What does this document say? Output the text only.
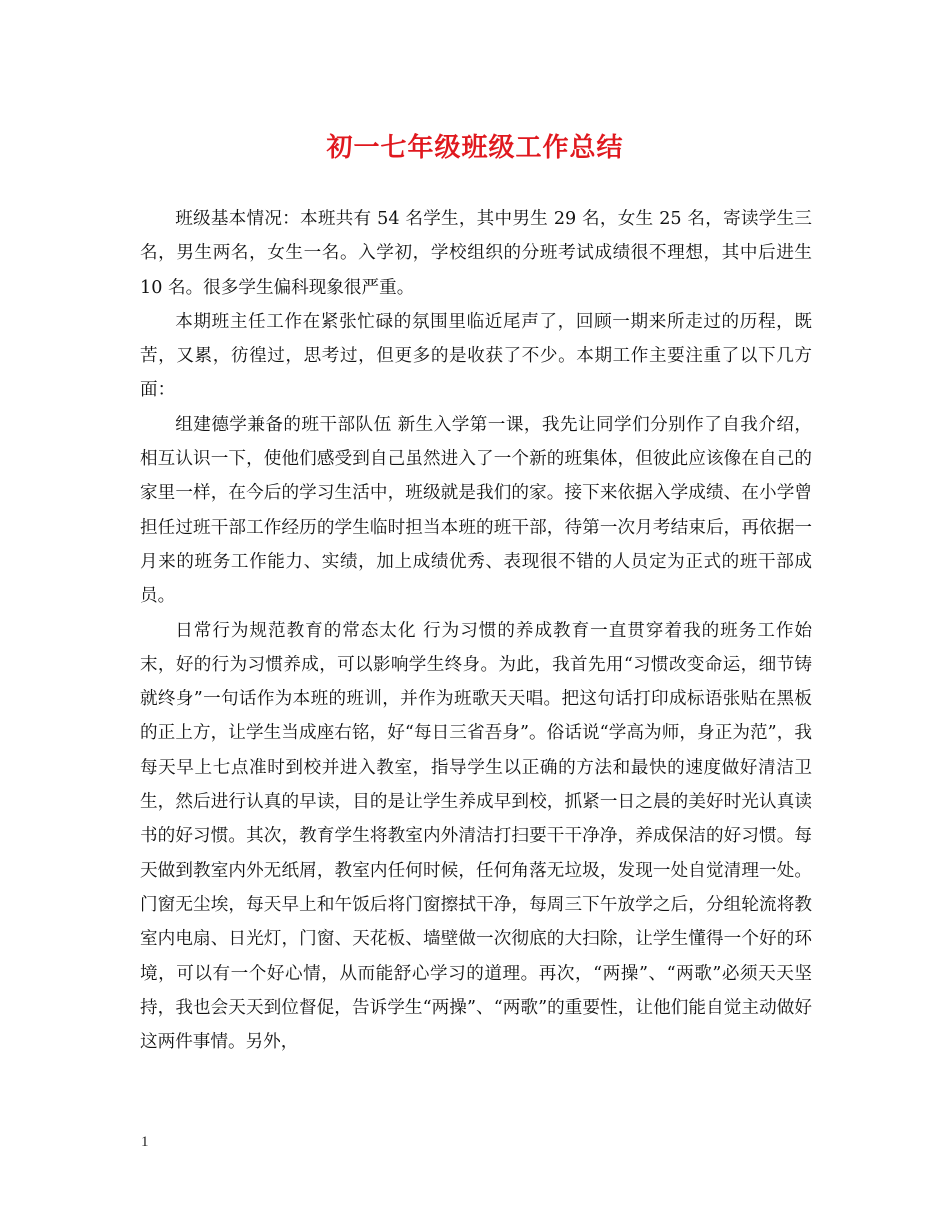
初一七年级班级工作总结

班级基本情况：本班共有 54 名学生，其中男生 29 名，女生 25 名，寄读学生三名，男生两名，女生一名。入学初，学校组织的分班考试成绩很不理想，其中后进生 10 名。很多学生偏科现象很严重。

本期班主任工作在紧张忙碌的氛围里临近尾声了，回顾一期来所走过的历程，既苦，又累，彷徨过，思考过，但更多的是收获了不少。本期工作主要注重了以下几方面：

组建德学兼备的班干部队伍 新生入学第一课，我先让同学们分别作了自我介绍，相互认识一下，使他们感受到自己虽然进入了一个新的班集体，但彼此应该像在自己的家里一样，在今后的学习生活中，班级就是我们的家。接下来依据入学成绩、在小学曾担任过班干部工作经历的学生临时担当本班的班干部，待第一次月考结束后，再依据一月来的班务工作能力、实绩，加上成绩优秀、表现很不错的人员定为正式的班干部成员。

日常行为规范教育的常态太化 行为习惯的养成教育一直贯穿着我的班务工作始末，好的行为习惯养成，可以影响学生终身。为此，我首先用“习惯改变命运，细节铸就终身”一句话作为本班的班训，并作为班歌天天唱。把这句话打印成标语张贴在黑板的正上方，让学生当成座右铭，好“每日三省吾身”。俗话说“学高为师，身正为范”，我每天早上七点准时到校并进入教室，指导学生以正确的方法和最快的速度做好清洁卫生，然后进行认真的早读，目的是让学生养成早到校，抓紧一日之晨的美好时光认真读书的好习惯。其次，教育学生将教室内外清洁打扫要干干净净，养成保洁的好习惯。每天做到教室内外无纸屑，教室内任何时候，任何角落无垃圾，发现一处自觉清理一处。门窗无尘埃，每天早上和午饭后将门窗擦拭干净，每周三下午放学之后，分组轮流将教室内电扇、日光灯，门窗、天花板、墙壁做一次彻底的大扫除，让学生懂得一个好的环境，可以有一个好心情，从而能舒心学习的道理。再次，“两操”、“两歌”必须天天坚持，我也会天天到位督促，告诉学生“两操”、“两歌”的重要性，让他们能自觉主动做好这两件事情。另外，

1
